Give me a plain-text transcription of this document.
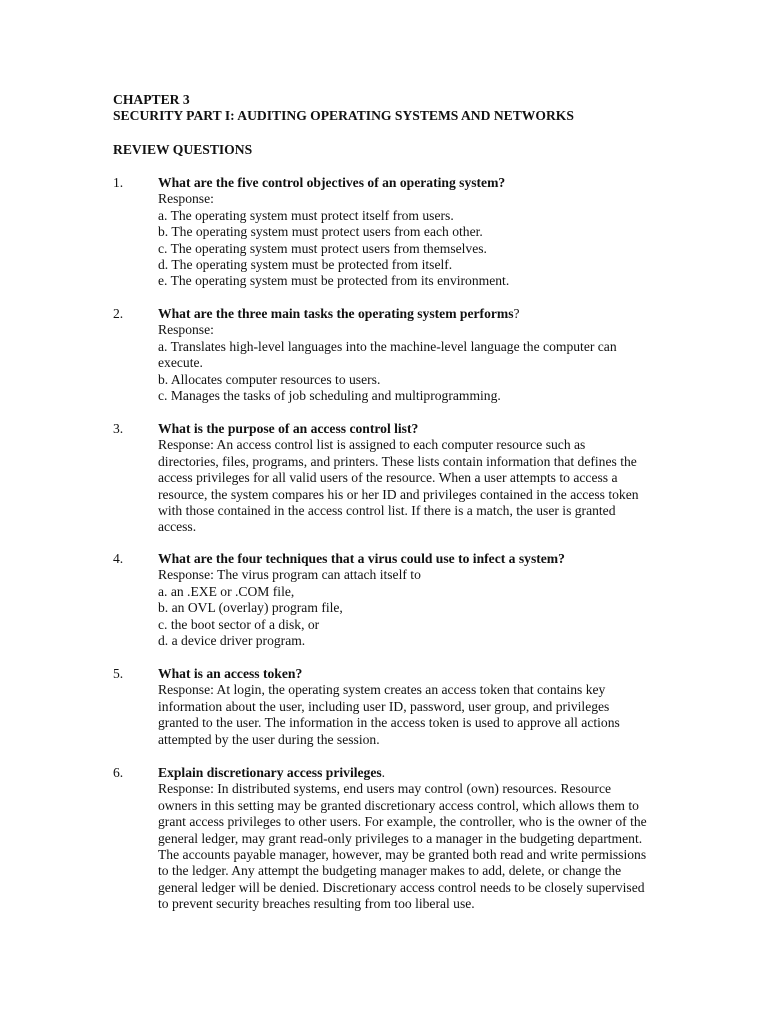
CHAPTER 3
SECURITY PART I: AUDITING OPERATING SYSTEMS AND NETWORKS
REVIEW QUESTIONS
1.	What are the five control objectives of an operating system?
Response:
a. The operating system must protect itself from users.
b. The operating system must protect users from each other.
c. The operating system must protect users from themselves.
d. The operating system must be protected from itself.
e. The operating system must be protected from its environment.
2.	What are the three main tasks the operating system performs?
Response:
a. Translates high-level languages into the machine-level language the computer can
execute.
b. Allocates computer resources to users.
c. Manages the tasks of job scheduling and multiprogramming.
3.	What is the purpose of an access control list?
Response: An access control list is assigned to each computer resource such as
directories, files, programs, and printers. These lists contain information that defines the
access privileges for all valid users of the resource. When a user attempts to access a
resource, the system compares his or her ID and privileges contained in the access token
with those contained in the access control list. If there is a match, the user is granted
access.
4.	What are the four techniques that a virus could use to infect a system?
Response: The virus program can attach itself to
a. an .EXE or .COM file,
b. an OVL (overlay) program file,
c. the boot sector of a disk, or
d. a device driver program.
5.	What is an access token?
Response: At login, the operating system creates an access token that contains key
information about the user, including user ID, password, user group, and privileges
granted to the user. The information in the access token is used to approve all actions
attempted by the user during the session.
6.	Explain discretionary access privileges.
Response: In distributed systems, end users may control (own) resources. Resource
owners in this setting may be granted discretionary access control, which allows them to
grant access privileges to other users. For example, the controller, who is the owner of the
general ledger, may grant read-only privileges to a manager in the budgeting department.
The accounts payable manager, however, may be granted both read and write permissions
to the ledger. Any attempt the budgeting manager makes to add, delete, or change the
general ledger will be denied. Discretionary access control needs to be closely supervised
to prevent security breaches resulting from too liberal use.
